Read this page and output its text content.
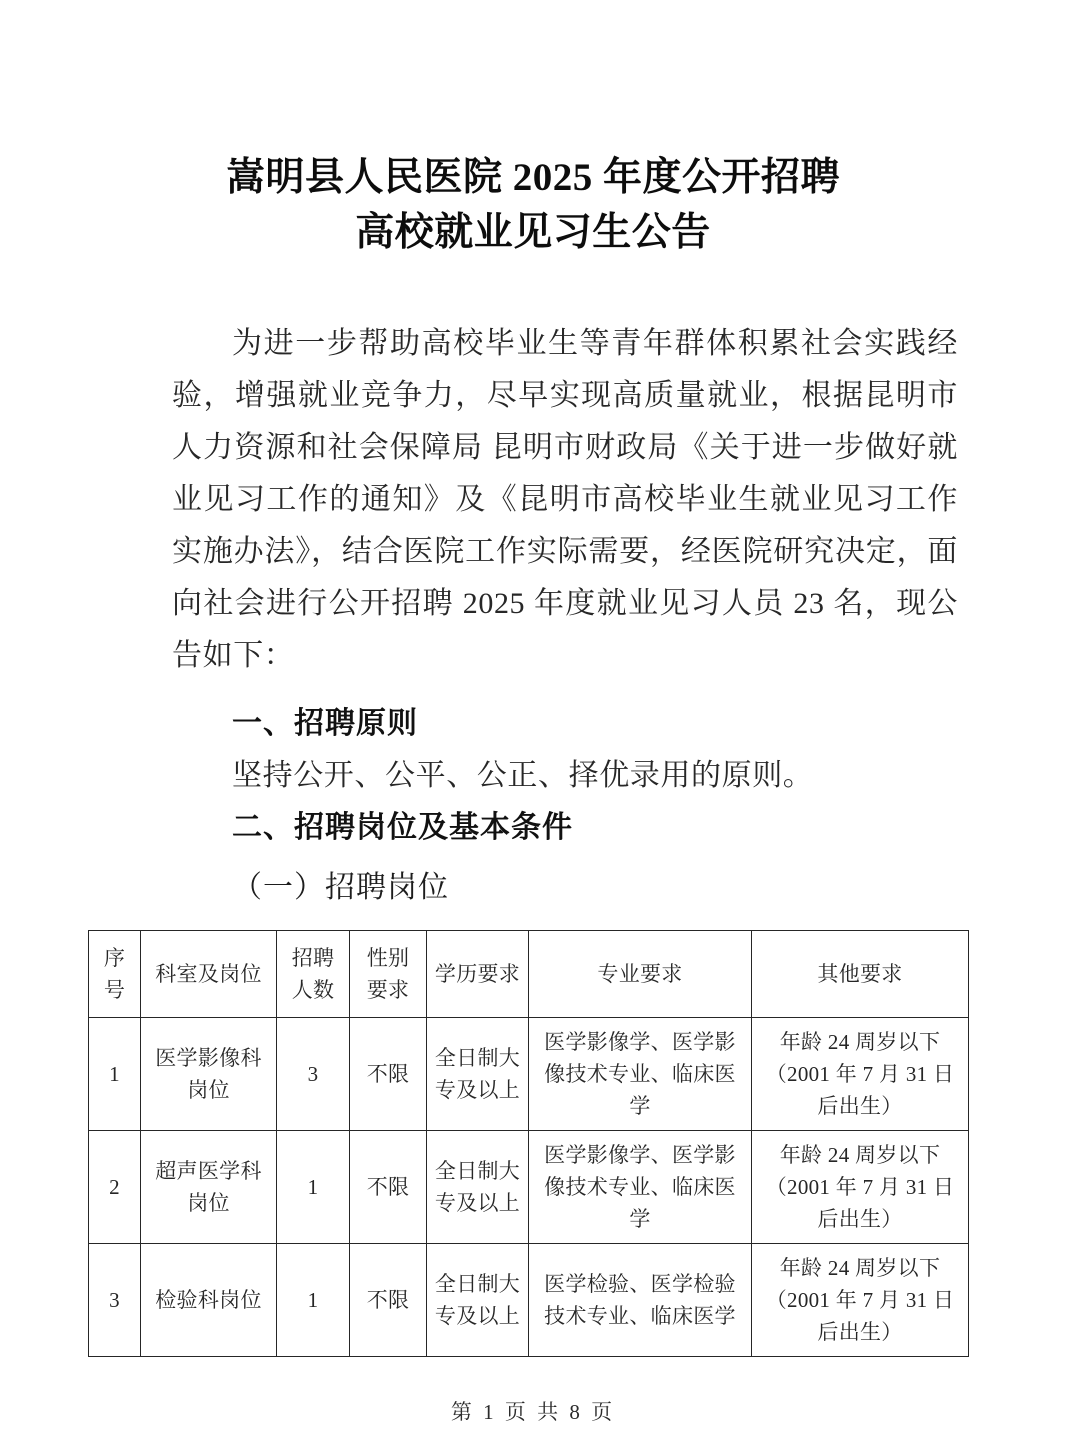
嵩明县人民医院 2025 年度公开招聘
高校就业见习生公告

为进一步帮助高校毕业生等青年群体积累社会实践经验，增强就业竞争力，尽早实现高质量就业，根据昆明市人力资源和社会保障局 昆明市财政局《关于进一步做好就业见习工作的通知》及《昆明市高校毕业生就业见习工作实施办法》，结合医院工作实际需要，经医院研究决定，面向社会进行公开招聘 2025 年度就业见习人员 23 名，现公告如下：

一、招聘原则

坚持公开、公平、公正、择优录用的原则。

二、招聘岗位及基本条件

（一）招聘岗位

序号	科室及岗位	招聘人数	性别要求	学历要求	专业要求	其他要求
1	医学影像科岗位	3	不限	全日制大专及以上	医学影像学、医学影像技术专业、临床医学	年龄 24 周岁以下（2001 年 7 月 31 日后出生）
2	超声医学科岗位	1	不限	全日制大专及以上	医学影像学、医学影像技术专业、临床医学	年龄 24 周岁以下（2001 年 7 月 31 日后出生）
3	检验科岗位	1	不限	全日制大专及以上	医学检验、医学检验技术专业、临床医学	年龄 24 周岁以下（2001 年 7 月 31 日后出生）
第 1 页 共 8 页
